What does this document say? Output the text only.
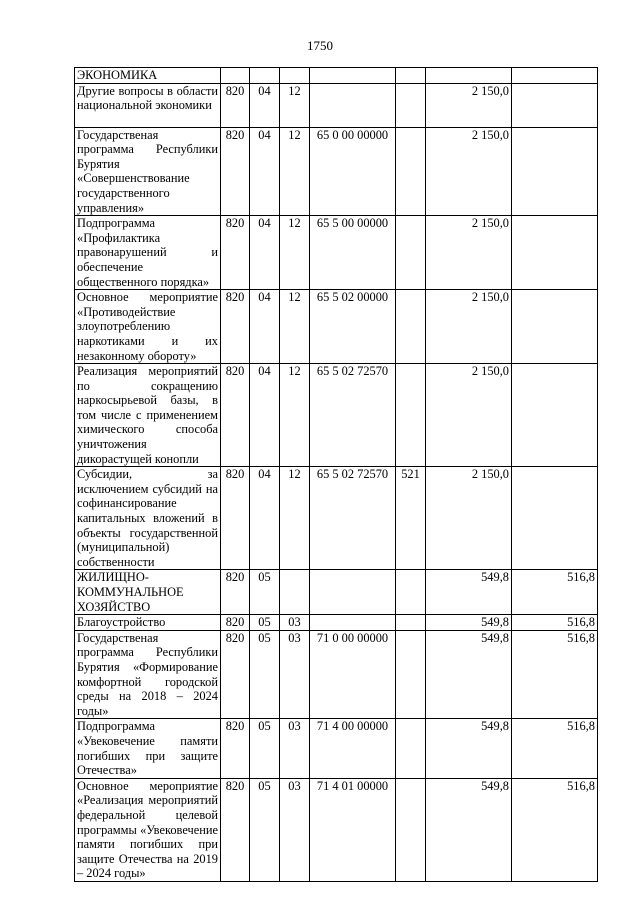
1750
ЭКОНОМИКА							
Другие вопросы в области национальной экономики	820	04	12			2 150,0	
Государственая программа Республики Бурятия «Совершенствование государственного управления»	820	04	12	65 0 00 00000		2 150,0	
Подпрограмма «Профилактика правонарушений и обеспечение общественного порядка»	820	04	12	65 5 00 00000		2 150,0	
Основное мероприятие «Противодействие злоупотреблению наркотиками и их незаконному обороту»	820	04	12	65 5 02 00000		2 150,0	
Реализация мероприятий по сокращению наркосырьевой базы, в том числе с применением химического способа уничтожения дикорастущей конопли	820	04	12	65 5 02 72570		2 150,0	
Субсидии, за исключением субсидий на софинансирование капитальных вложений в объекты государственной (муниципальной) собственности	820	04	12	65 5 02 72570	521	2 150,0	
ЖИЛИЩНО-КОММУНАЛЬНОЕ ХОЗЯЙСТВО	820	05				549,8	516,8
Благоустройство	820	05	03			549,8	516,8
Государственая программа Республики Бурятия «Формирование комфортной городской среды на 2018 – 2024 годы»	820	05	03	71 0 00 00000		549,8	516,8
Подпрограмма «Увековечение памяти погибших при защите Отечества»	820	05	03	71 4 00 00000		549,8	516,8
Основное мероприятие «Реализация мероприятий федеральной целевой программы «Увековечение памяти погибших при защите Отечества на 2019 – 2024 годы»	820	05	03	71 4 01 00000		549,8	516,8
